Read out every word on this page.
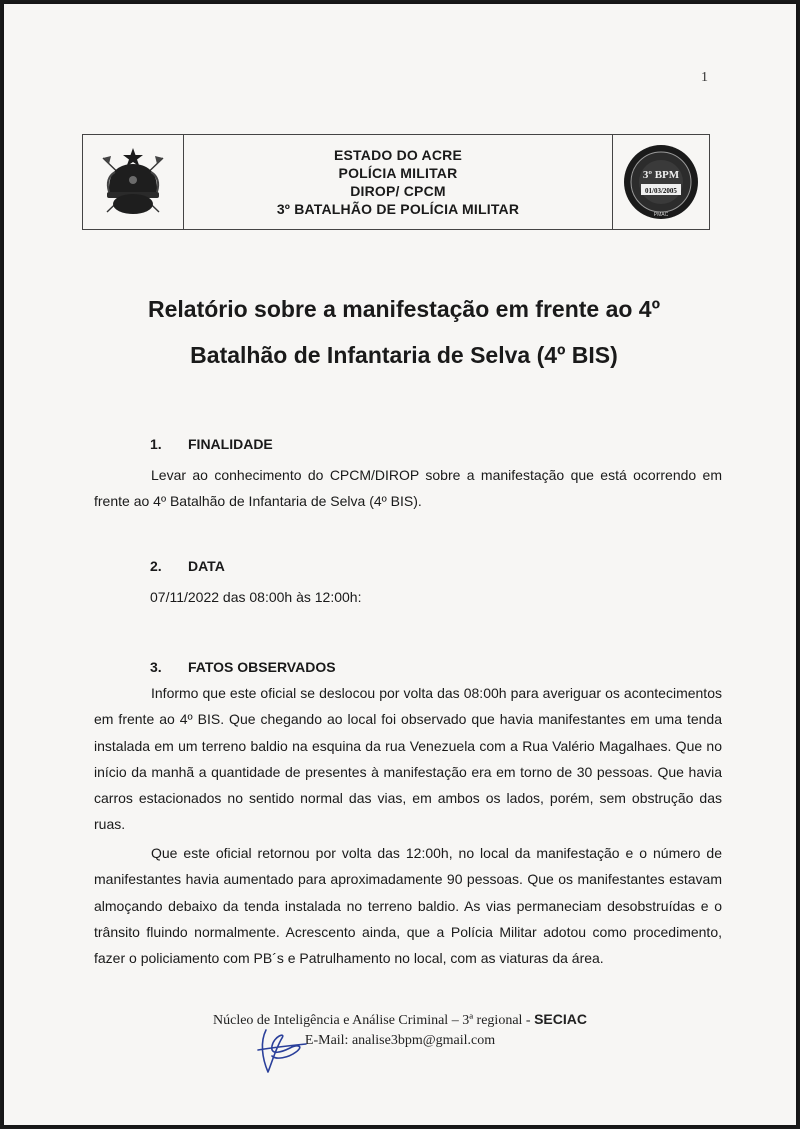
1
ESTADO DO ACRE
POLÍCIA MILITAR
DIROP/ CPCM
3º BATALHÃO DE POLÍCIA MILITAR
3º BPM
01/03/2005
PMAC
Relatório sobre a manifestação em frente ao 4º
Batalhão de Infantaria de Selva (4º BIS)
1. FINALIDADE
Levar ao conhecimento do CPCM/DIROP sobre a manifestação que está ocorrendo em frente ao 4º Batalhão de Infantaria de Selva (4º BIS).
2. DATA
07/11/2022 das 08:00h às 12:00h:
3. FATOS OBSERVADOS
Informo que este oficial se deslocou por volta das 08:00h para averiguar os acontecimentos em frente ao 4º BIS. Que chegando ao local foi observado que havia manifestantes em uma tenda instalada em um terreno baldio na esquina da rua Venezuela com a Rua Valério Magalhaes. Que no início da manhã a quantidade de presentes à manifestação era em torno de 30 pessoas. Que havia carros estacionados no sentido normal das vias, em ambos os lados, porém, sem obstrução das ruas.
Que este oficial retornou por volta das 12:00h, no local da manifestação e o número de manifestantes havia aumentado para aproximadamente 90 pessoas. Que os manifestantes estavam almoçando debaixo da tenda instalada no terreno baldio. As vias permaneciam desobstruídas e o trânsito fluindo normalmente. Acrescento ainda, que a Polícia Militar adotou como procedimento, fazer o policiamento com PB´s e Patrulhamento no local, com as viaturas da área.
Núcleo de Inteligência e Análise Criminal – 3ª regional - SECIAC
E-Mail: analise3bpm@gmail.com
